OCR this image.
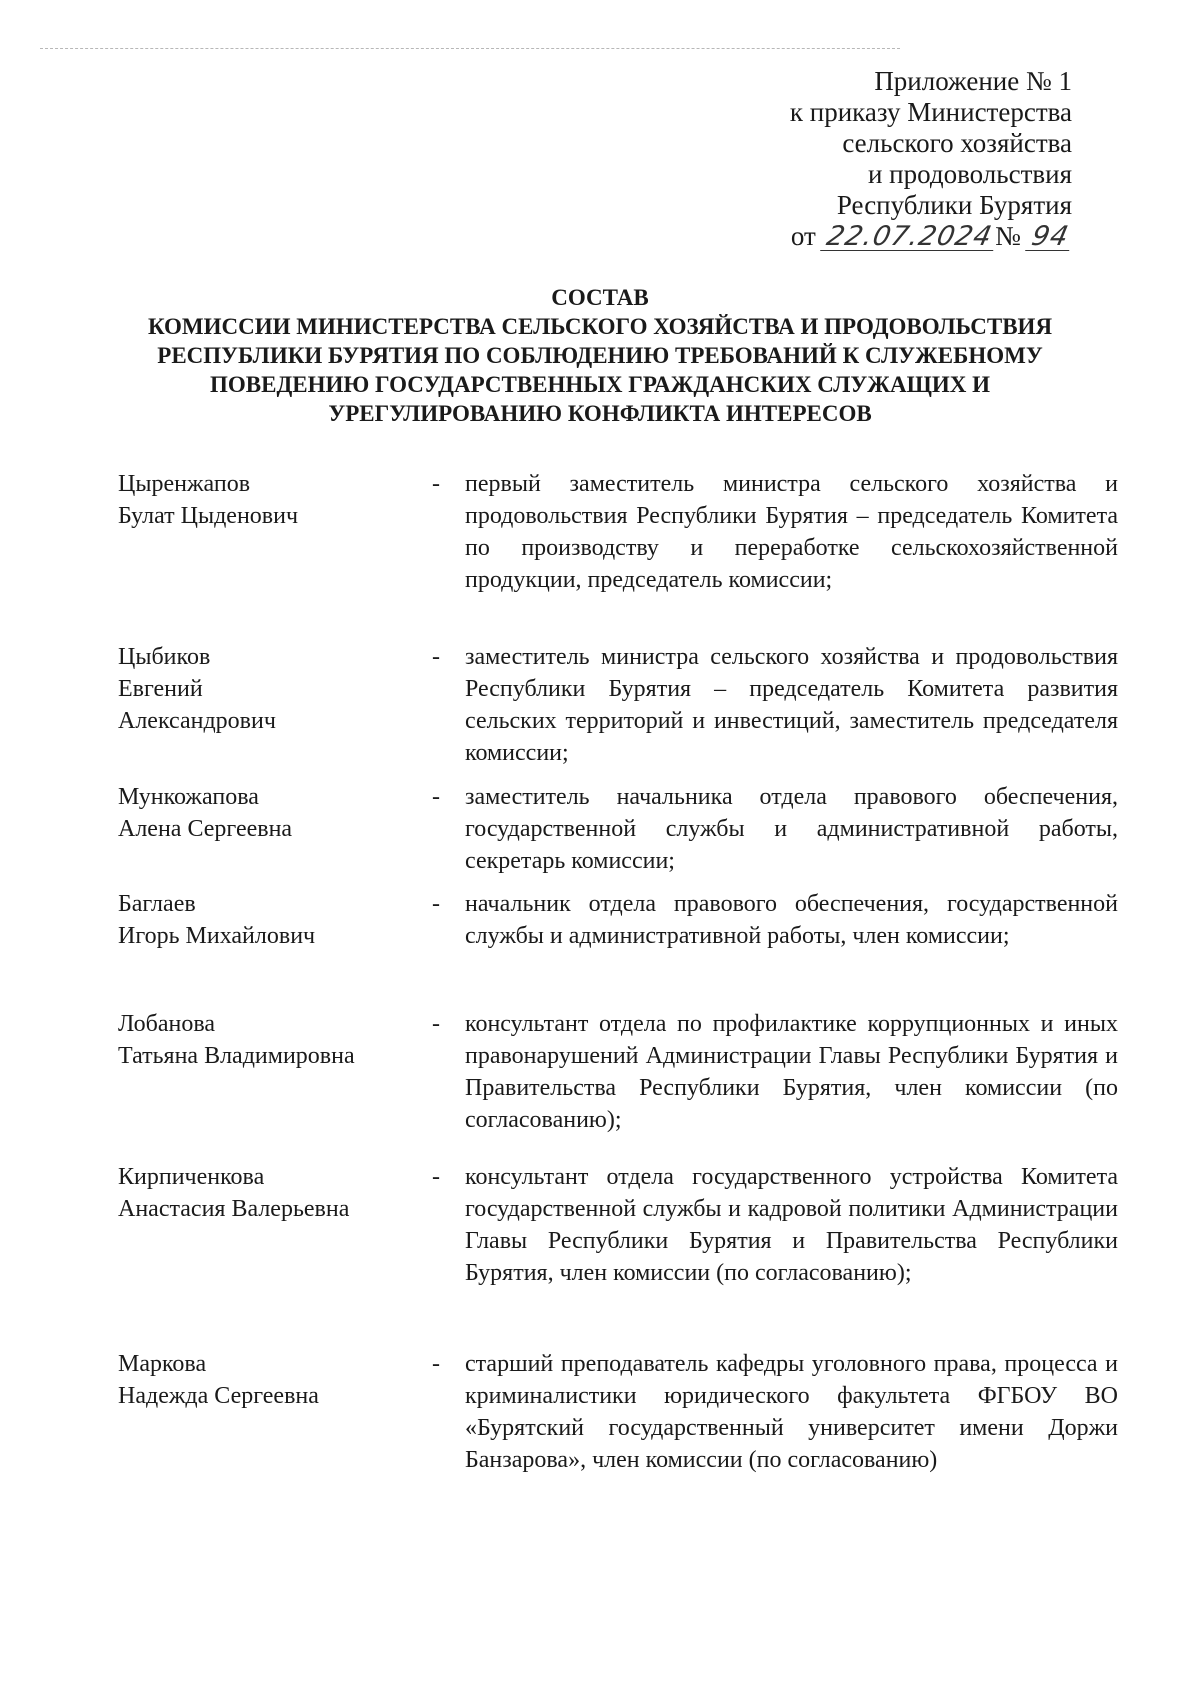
Приложение № 1
к приказу Министерства
сельского хозяйства
и продовольствия
Республики Бурятия
от 22.07.2024№ 94
СОСТАВ
КОМИССИИ МИНИСТЕРСТВА СЕЛЬСКОГО ХОЗЯЙСТВА И ПРОДОВОЛЬСТВИЯ
РЕСПУБЛИКИ БУРЯТИЯ ПО СОБЛЮДЕНИЮ ТРЕБОВАНИЙ К СЛУЖЕБНОМУ
ПОВЕДЕНИЮ ГОСУДАРСТВЕННЫХ ГРАЖДАНСКИХ СЛУЖАЩИХ И
УРЕГУЛИРОВАНИЮ КОНФЛИКТА ИНТЕРЕСОВ
Цыренжапов
Булат Цыденович
- первый заместитель министра сельского хозяйства и продовольствия Республики Бурятия – председатель Комитета по производству и переработке сельскохозяйственной продукции, председатель комиссии;
Цыбиков
Евгений
Александрович
- заместитель министра сельского хозяйства и продовольствия Республики Бурятия – председатель Комитета развития сельских территорий и инвестиций, заместитель председателя комиссии;
Мункожапова
Алена Сергеевна
- заместитель начальника отдела правового обеспечения, государственной службы и административной работы, секретарь комиссии;
Баглаев
Игорь Михайлович
- начальник отдела правового обеспечения, государственной службы и административной работы, член комиссии;
Лобанова
Татьяна Владимировна
- консультант отдела по профилактике коррупционных и иных правонарушений Администрации Главы Республики Бурятия и Правительства Республики Бурятия, член комиссии (по согласованию);
Кирпиченкова
Анастасия Валерьевна
- консультант отдела государственного устройства Комитета государственной службы и кадровой политики Администрации Главы Республики Бурятия и Правительства Республики Бурятия, член комиссии (по согласованию);
Маркова
Надежда Сергеевна
- старший преподаватель кафедры уголовного права, процесса и криминалистики юридического факультета ФГБОУ ВО «Бурятский государственный университет имени Доржи Банзарова», член комиссии (по согласованию)
